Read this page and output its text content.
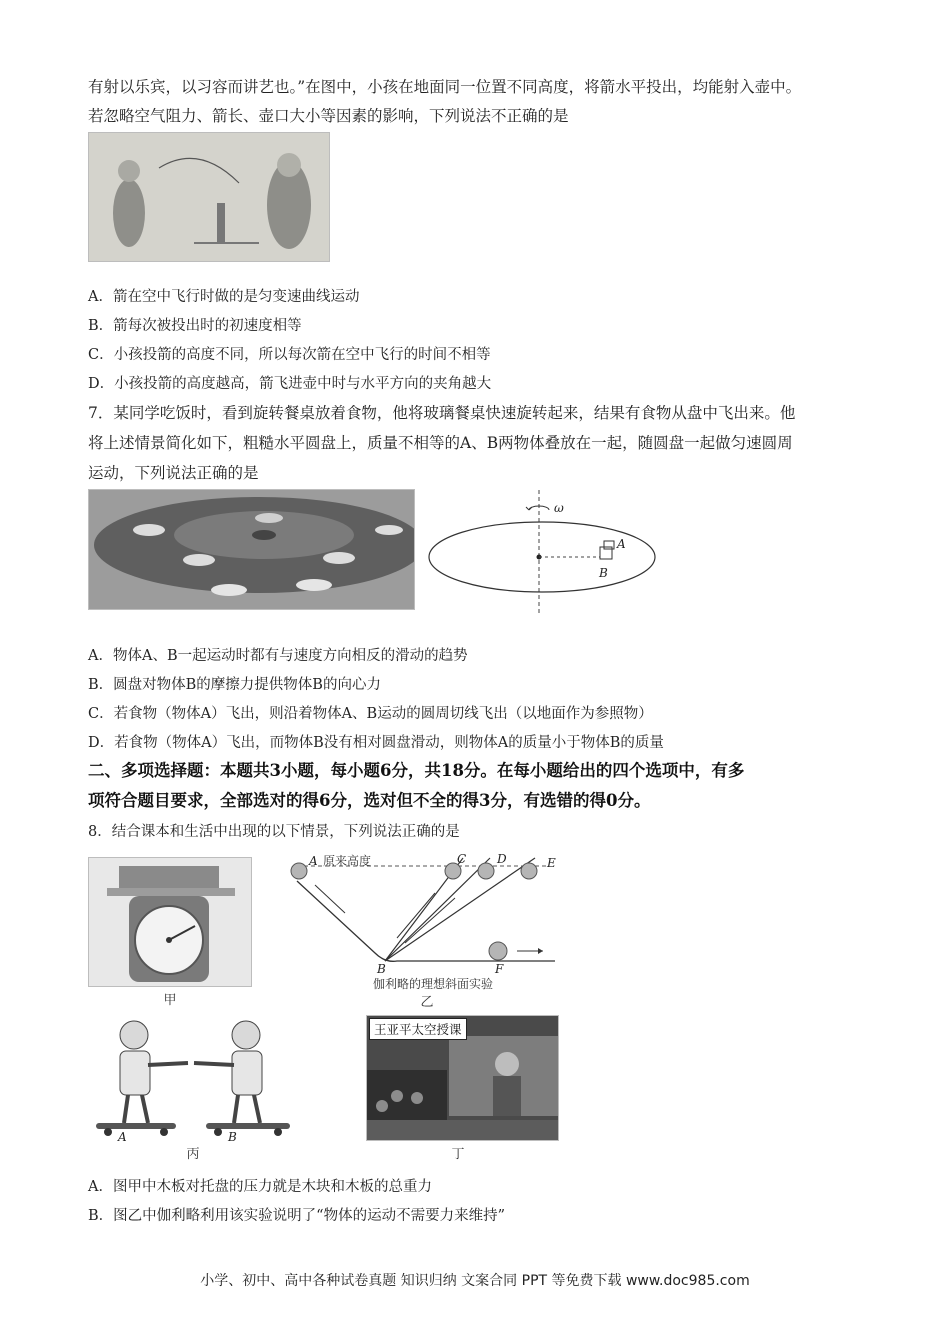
有射以乐宾，以习容而讲艺也。”在图中，小孩在地面同一位置不同高度，将箭水平投出，均能射入壶中。
若忽略空气阻力、箭长、壶口大小等因素的影响，下列说法不正确的是
A．箭在空中飞行时做的是匀变速曲线运动
B．箭每次被投出时的初速度相等
C．小孩投箭的高度不同，所以每次箭在空中飞行的时间不相等
D．小孩投箭的高度越高，箭飞进壶中时与水平方向的夹角越大
7．某同学吃饭时，看到旋转餐桌放着食物，他将玻璃餐桌快速旋转起来，结果有食物从盘中飞出来。他
将上述情景简化如下，粗糙水平圆盘上，质量不相等的A、B两物体叠放在一起，随圆盘一起做匀速圆周
运动，下列说法正确的是
ω
A
B
A．物体A、B一起运动时都有与速度方向相反的滑动的趋势
B．圆盘对物体B的摩擦力提供物体B的向心力
C．若食物（物体A）飞出，则沿着物体A、B运动的圆周切线飞出（以地面作为参照物）
D．若食物（物体A）飞出，而物体B没有相对圆盘滑动，则物体A的质量小于物体B的质量
二、多项选择题：本题共3小题，每小题6分，共18分。在每小题给出的四个选项中，有多
项符合题目要求，全部选对的得6分，选对但不全的得3分，有选错的得0分。
8．结合课本和生活中出现的以下情景，下列说法正确的是
甲
A 原来高度	C	D	E
B	F
伽利略的理想斜面实验
乙
A	B
丙
王亚平太空授课
丁
A．图甲中木板对托盘的压力就是木块和木板的总重力
B．图乙中伽利略利用该实验说明了“物体的运动不需要力来维持”
小学、初中、高中各种试卷真题 知识归纳 文案合同 PPT 等免费下载 www.doc985.com
